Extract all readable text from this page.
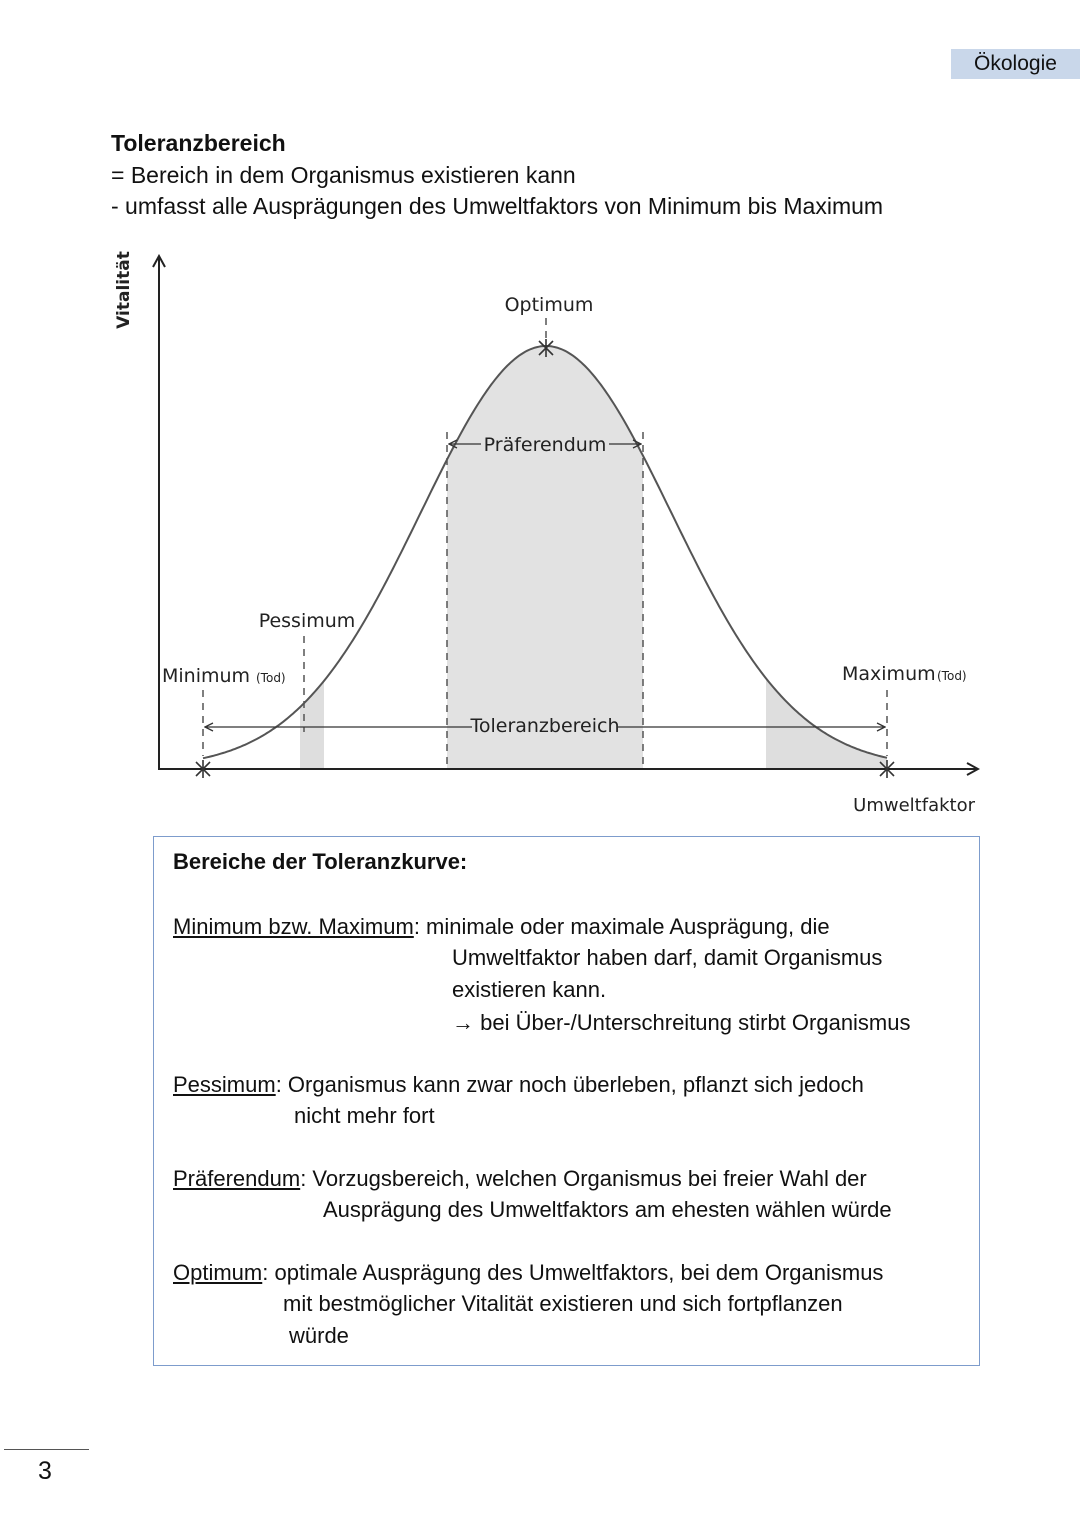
Ökologie
Toleranzbereich
= Bereich in dem Organismus existieren kann
- umfasst alle Ausprägungen des Umweltfaktors von Minimum bis Maximum
Vitalität
Umweltfaktor
Optimum
Präferendum
Pessimum
Minimum (Tod)	Maximum (Tod)
Toleranzbereich
Bereiche der Toleranzkurve:
Minimum bzw. Maximum: minimale oder maximale Ausprägung, die
Umweltfaktor haben darf, damit Organismus
existieren kann.
→ bei Über-/Unterschreitung stirbt Organismus
Pessimum: Organismus kann zwar noch überleben, pflanzt sich jedoch
nicht mehr fort
Präferendum: Vorzugsbereich, welchen Organismus bei freier Wahl der
Ausprägung des Umweltfaktors am ehesten wählen würde
Optimum: optimale Ausprägung des Umweltfaktors, bei dem Organismus
mit bestmöglicher Vitalität existieren und sich fortpflanzen
würde
3
